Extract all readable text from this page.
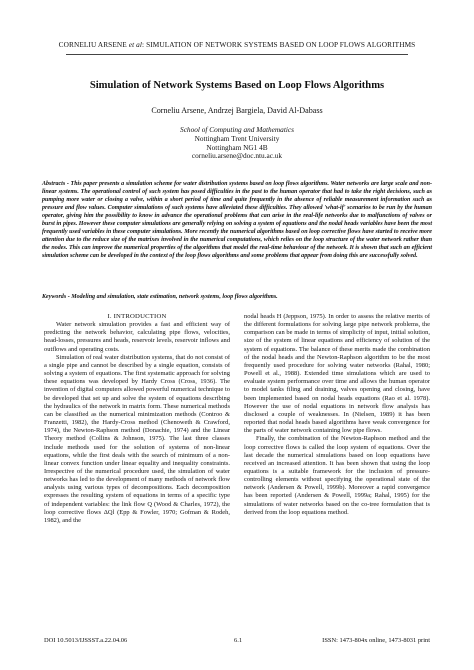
CORNELIU ARSENE et al: SIMULATION OF NETWORK SYSTEMS BASED ON LOOP FLOWS ALGORITHMS
Simulation of Network Systems Based on Loop Flows Algorithms
Corneliu Arsene, Andrzej Bargiela, David Al-Dabass
School of Computing and Mathematics
Nottingham Trent University
Nottingham NG1 4B
corneliu.arsene@doc.ntu.ac.uk
Abstracts - This paper presents a simulation scheme for water distribution systems based on loop flows algorithms. Water networks are large scale and non-linear systems. The operational control of such system has posed difficulties in the past to the human operator that had to take the right decisions, such as pumping more water or closing a valve, within a short period of time and quite frequently in the absence of reliable measurement information such as pressure and flow values. Computer simulations of such systems have alleviated these difficulties. They allowed 'what-if' scenarios to be run by the human operator, giving him the possibility to know in advance the operational problems that can arise in the real-life networks due to malfunctions of valves or burst in pipes. However these computer simulations are generally relying on solving a system of equations and the nodal heads variables have been the most frequently used variables in these computer simulations. More recently the numerical algorithms based on loop corrective flows have started to receive more attention due to the reduce size of the matrixes involved in the numerical computations, which relies on the loop structure of the water network rather than the nodes. This can improve the numerical properties of the algorithms that model the real-time behaviour of the network. It is shown that such an efficient simulation scheme can be developed in the context of the loop flows algorithms and some problems that appear from doing this are successfully solved.
Keywords - Modeling and simulation, state estimation, network systems, loop flows algorithms.

I. INTRODUCTION

Water network simulation provides a fast and efficient way of predicting the network behavior, calculating pipe flows, velocities, head-losses, pressures and heads, reservoir levels, reservoir inflows and outflows and operating costs.

Simulation of real water distribution systems, that do not consist of a single pipe and cannot be described by a single equation, consists of solving a system of equations. The first systematic approach for solving these equations was developed by Hardy Cross (Cross, 1936). The invention of digital computers allowed powerful numerical technique to be developed that set up and solve the system of equations describing the hydraulics of the network in matrix form. These numerical methods can be classified as the numerical minimization methods (Controo & Franzetti, 1982), the Hardy-Cross method (Chenoweth & Crawford, 1974), the Newton-Raphson method (Donachie, 1974) and the Linear Theory method (Collins & Johnson, 1975). The last three classes include methods used for the solution of systems of non-linear equations, while the first deals with the search of minimum of a non-linear convex function under linear equality and inequality constraints. Irrespective of the numerical procedure used, the simulation of water networks has led to the development of many methods of network flow analysis using various types of decompositions. Each decomposition expresses the resulting system of equations in terms of a specific type of independent variables: the link flow Q (Wood & Charles, 1972), the loop corrective flows ΔQl (Epp & Fowler, 1970; Gofman & Rodeh, 1982), and the

nodal heads H (Jeppson, 1975). In order to assess the relative merits of the different formulations for solving large pipe network problems, the comparison can be made in terms of simplicity of input, initial solution, size of the system of linear equations and efficiency of solution of the system of equations. The balance of these merits made the combination of the nodal heads and the Newton-Raphson algorithm to be the most frequently used procedure for solving water networks (Rahal, 1980; Powell et al., 1988). Extended time simulations which are used to evaluate system performance over time and allows the human operator to model tanks filing and draining, valves opening and closing, have been implemented based on nodal heads equations (Rao et al. 1978). However the use of nodal equations in network flow analysis has disclosed a couple of weaknesses. In (Nielsen, 1989) it has been reported that nodal heads based algorithms have weak convergence for the parts of water network containing low pipe flows.

Finally, the combination of the Newton-Raphson method and the loop corrective flows is called the loop system of equations. Over the last decade the numerical simulations based on loop equations have received an increased attention. It has been shown that using the loop equations is a suitable framework for the inclusion of pressure-controlling elements without specifying the operational state of the network (Andersen & Powell, 1999b). Moreover a rapid convergence has been reported (Andersen & Powell, 1999a; Rahal, 1995) for the simulations of water networks based on the co-tree formulation that is derived from the loop equations method.

DOI 10.5013/IJSSST.a.22.04.06	6.1	ISSN: 1473-804x online, 1473-8031 print
